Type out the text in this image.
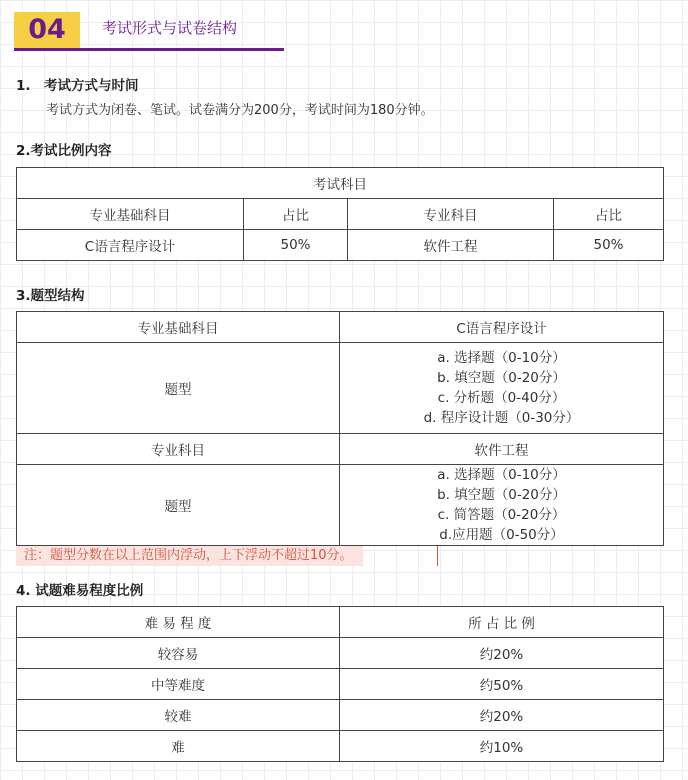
04	考试形式与试卷结构
1.　考试方式与时间
考试方式为闭卷、笔试。试卷满分为200分，考试时间为180分钟。
2.考试比例内容
考试科目			
专业基础科目	占比	专业科目	占比
C语言程序设计	50%	软件工程	50%
3.题型结构
专业基础科目	C语言程序设计
题型	a. 选择题（0-10分）
b. 填空题（0-20分）
c. 分析题（0-40分）
d. 程序设计题（0-30分）

专业科目	软件工程
题型	a. 选择题（0-10分）
b. 填空题（0-20分）
c. 简答题（0-20分）
d.应用题（0-50分）
注：题型分数在以上范围内浮动，上下浮动不超过10分。
4. 试题难易程度比例
难 易 程 度	所 占 比 例
较容易	约20%
中等难度	约50%
较难	约20%
难	约10%
